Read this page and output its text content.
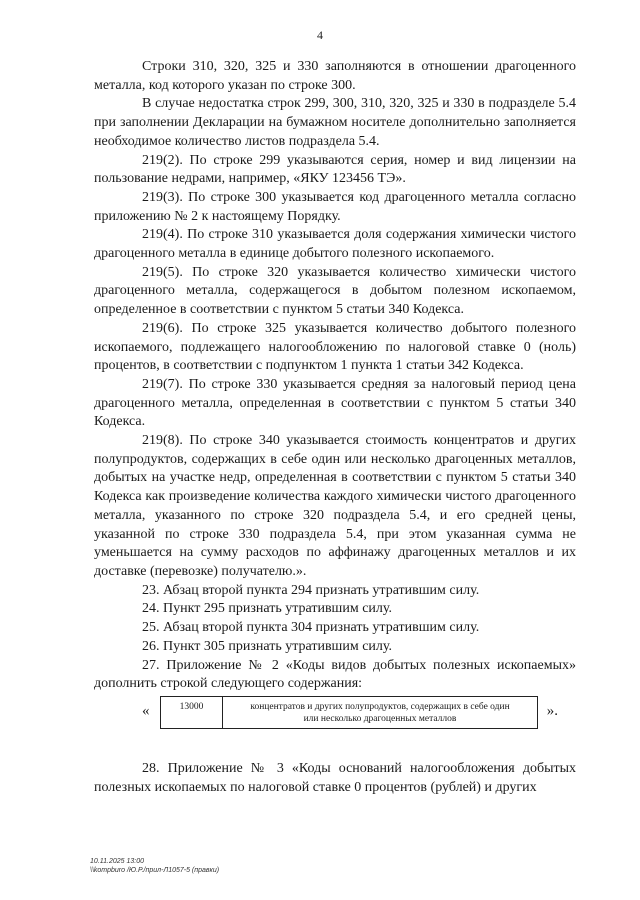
4

Строки 310, 320, 325 и 330 заполняются в отношении драгоценного металла, код которого указан по строке 300.

В случае недостатка строк 299, 300, 310, 320, 325 и 330 в подразделе 5.4 при заполнении Декларации на бумажном носителе дополнительно заполняется необходимое количество листов подраздела 5.4.

219(2). По строке 299 указываются серия, номер и вид лицензии на пользование недрами, например, «ЯКУ 123456 ТЭ».

219(3). По строке 300 указывается код драгоценного металла согласно приложению № 2 к настоящему Порядку.

219(4). По строке 310 указывается доля содержания химически чистого драгоценного металла в единице добытого полезного ископаемого.

219(5). По строке 320 указывается количество химически чистого драгоценного металла, содержащегося в добытом полезном ископаемом, определенное в соответствии с пунктом 5 статьи 340 Кодекса.

219(6). По строке 325 указывается количество добытого полезного ископаемого, подлежащего налогообложению по налоговой ставке 0 (ноль) процентов, в соответствии с подпунктом 1 пункта 1 статьи 342 Кодекса.

219(7). По строке 330 указывается средняя за налоговый период цена драгоценного металла, определенная в соответствии с пунктом 5 статьи 340 Кодекса.

219(8). По строке 340 указывается стоимость концентратов и других полупродуктов, содержащих в себе один или несколько драгоценных металлов, добытых на участке недр, определенная в соответствии с пунктом 5 статьи 340 Кодекса как произведение количества каждого химически чистого драгоценного металла, указанного по строке 320 подраздела 5.4, и его средней цены, указанной по строке 330 подраздела 5.4, при этом указанная сумма не уменьшается на сумму расходов по аффинажу драгоценных металлов и их доставке (перевозке) получателю.».

23. Абзац второй пункта 294 признать утратившим силу.

24. Пункт 295 признать утратившим силу.

25. Абзац второй пункта 304 признать утратившим силу.

26. Пункт 305 признать утратившим силу.

27. Приложение № 2 «Коды видов добытых полезных ископаемых» дополнить строкой следующего содержания:

«	13000	концентратов и других полупродуктов, содержащих в себе один
или несколько драгоценных металлов	».

28. Приложение № 3 «Коды оснований налогообложения добытых полезных ископаемых по налоговой ставке 0 процентов (рублей) и других

10.11.2025 13:00
\\kompburo /Ю.Р./прил-Л1057-5 (правки)
